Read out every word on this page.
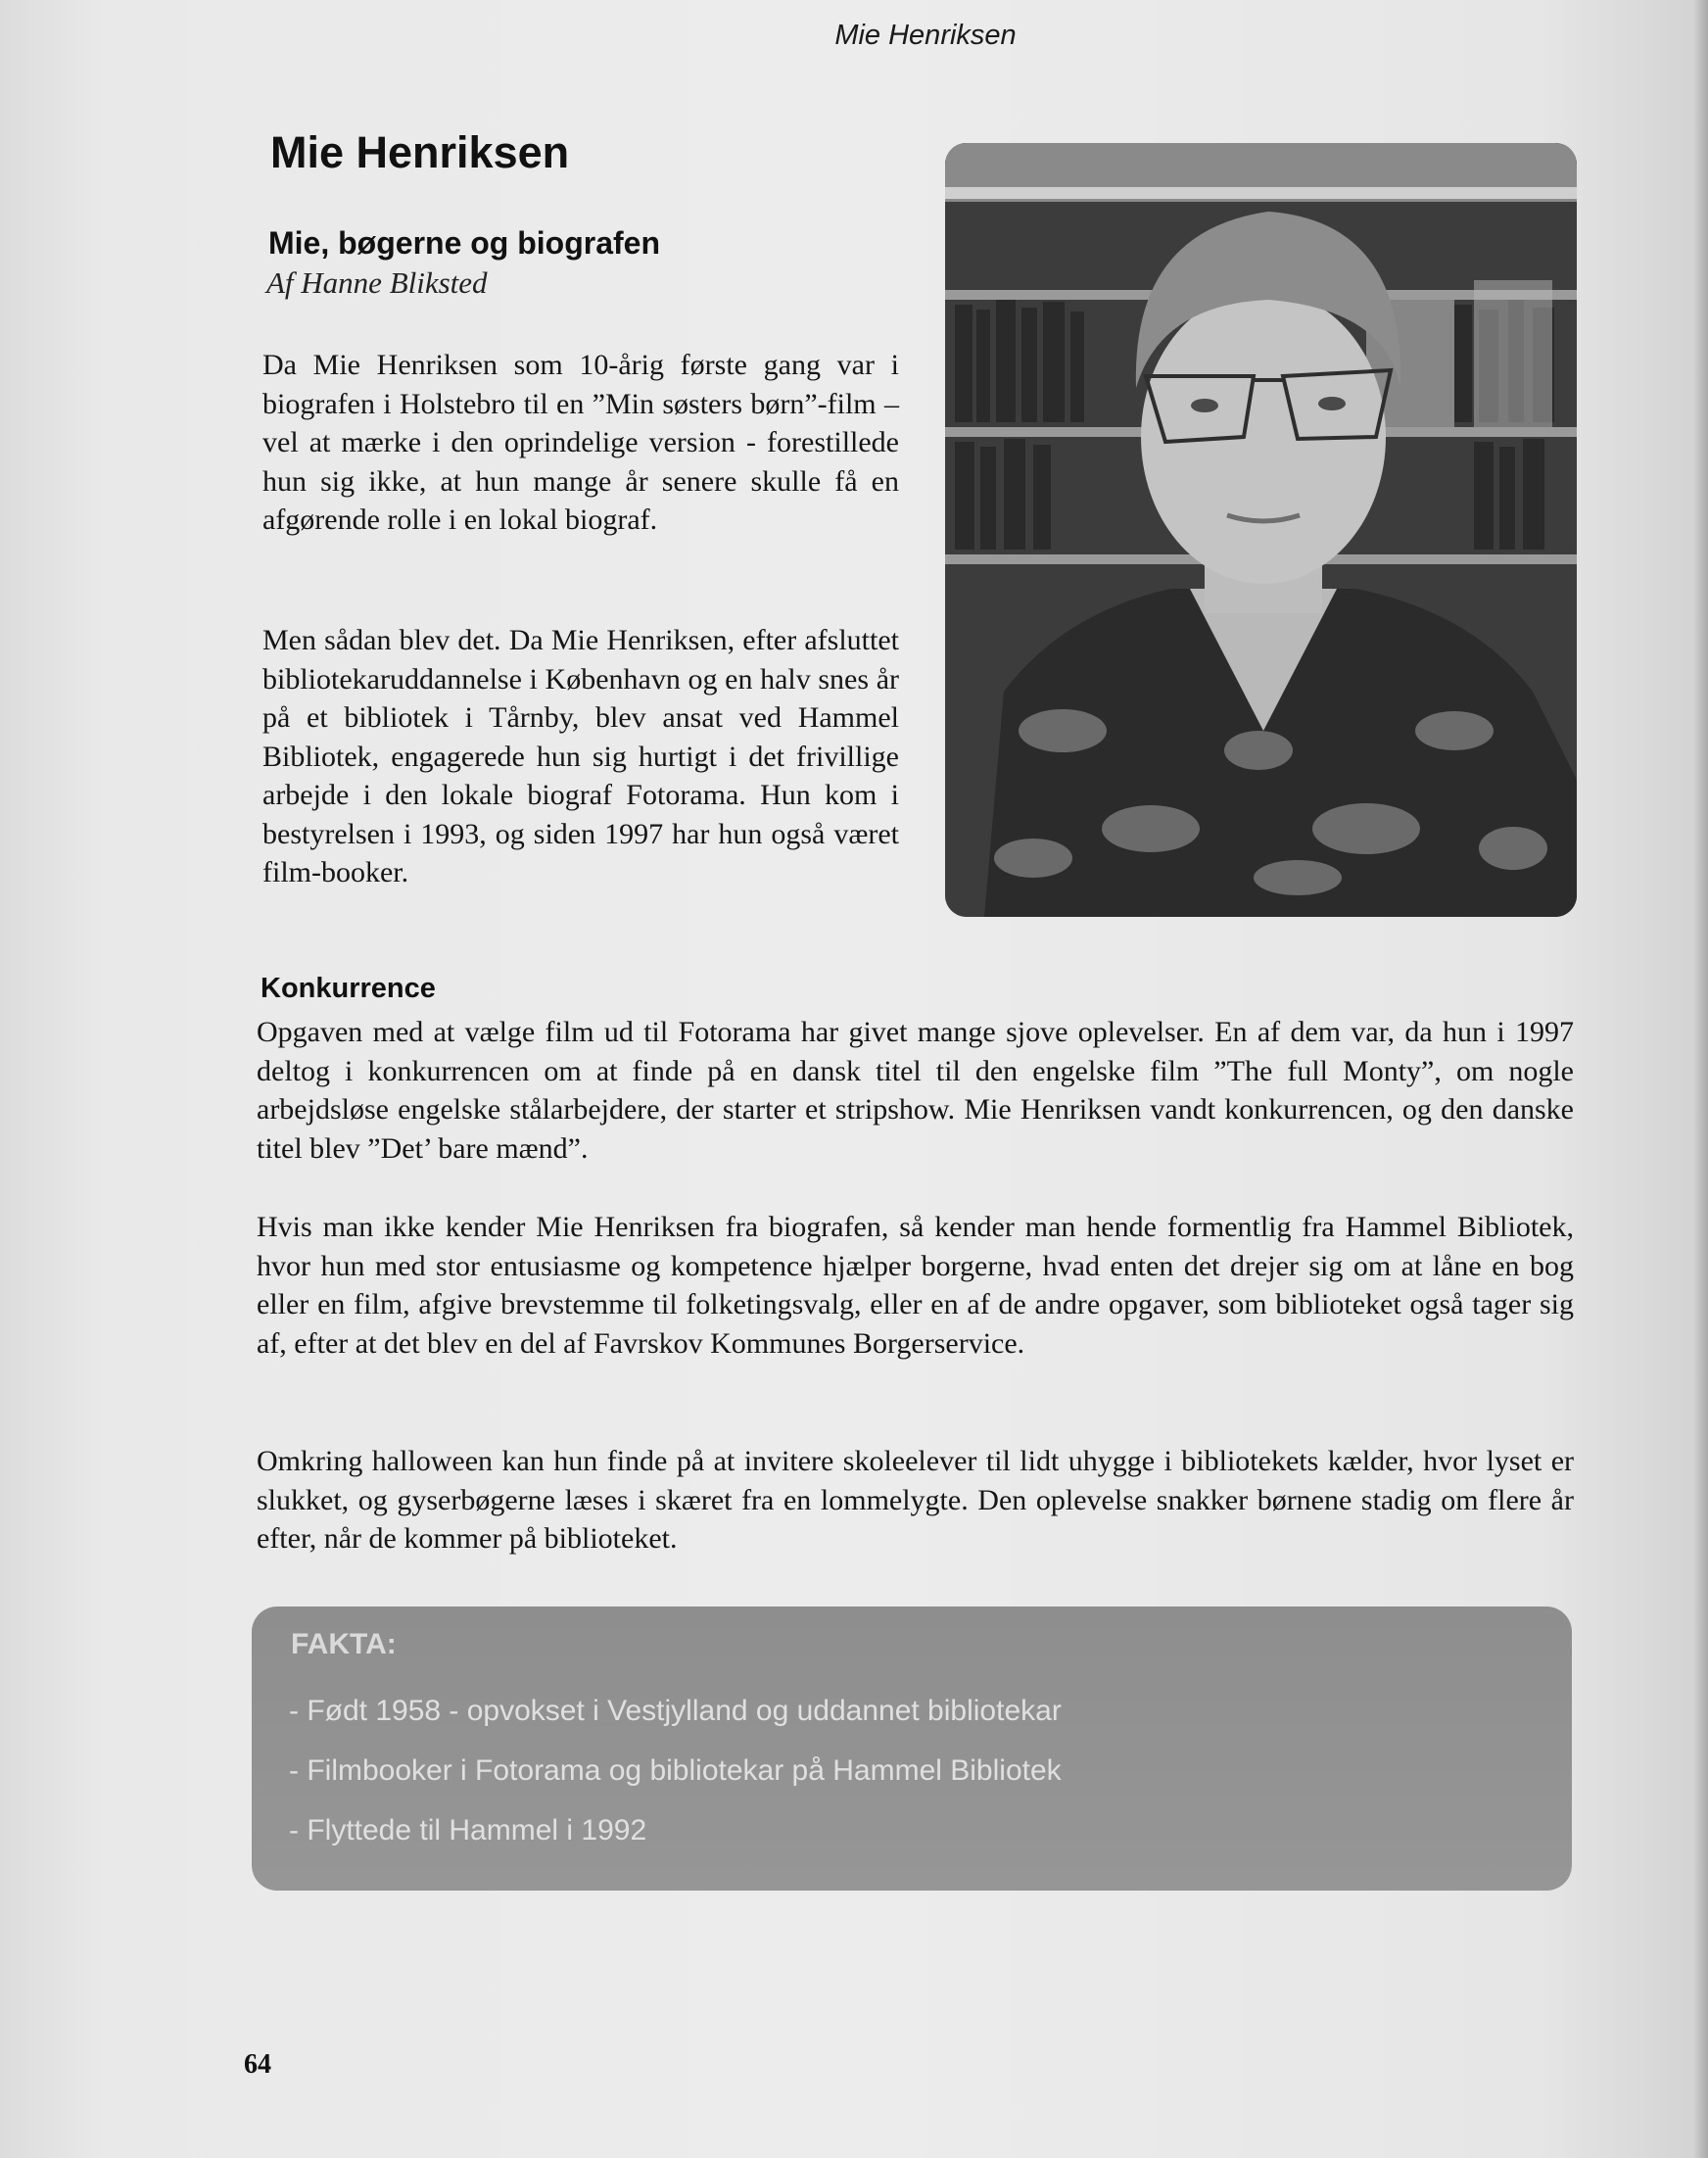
Mie Henriksen
Mie Henriksen
Mie, bøgerne og biografen
Af Hanne Bliksted

Da Mie Henriksen som 10-årig første gang var i biografen i Holstebro til en ”Min søsters børn”-film – vel at mærke i den oprindelige version - forestillede hun sig ikke, at hun mange år senere skulle få en afgørende rolle i en lokal biograf.

Men sådan blev det. Da Mie Henriksen, efter afsluttet bibliotekaruddannelse i København og en halv snes år på et bibliotek i Tårnby, blev ansat ved Hammel Bibliotek, engagerede hun sig hurtigt i det frivillige arbejde i den lokale biograf Fotorama. Hun kom i bestyrelsen i 1993, og siden 1997 har hun også været film-booker.

Konkurrence

Opgaven med at vælge film ud til Fotorama har givet mange sjove oplevelser. En af dem var, da hun i 1997 deltog i konkurrencen om at finde på en dansk titel til den engelske film ”The full Monty”, om nogle arbejdsløse engelske stålarbejdere, der starter et stripshow. Mie Henriksen vandt konkurrencen, og den danske titel blev ”Det’ bare mænd”.

Hvis man ikke kender Mie Henriksen fra biografen, så kender man hende formentlig fra Hammel Bibliotek, hvor hun med stor entusiasme og kompetence hjælper borgerne, hvad enten det drejer sig om at låne en bog eller en film, afgive brevstemme til folketingsvalg, eller en af de andre opgaver, som biblioteket også tager sig af, efter at det blev en del af Favrskov Kommunes Borgerservice.

Omkring halloween kan hun finde på at invitere skoleelever til lidt uhygge i bibliotekets kælder, hvor lyset er slukket, og gyserbøgerne læses i skæret fra en lommelygte. Den oplevelse snakker børnene stadig om flere år efter, når de kommer på biblioteket.

FAKTA:
- Født 1958 - opvokset i Vestjylland og uddannet bibliotekar
- Filmbooker i Fotorama og bibliotekar på Hammel Bibliotek
- Flyttede til Hammel i 1992
64
